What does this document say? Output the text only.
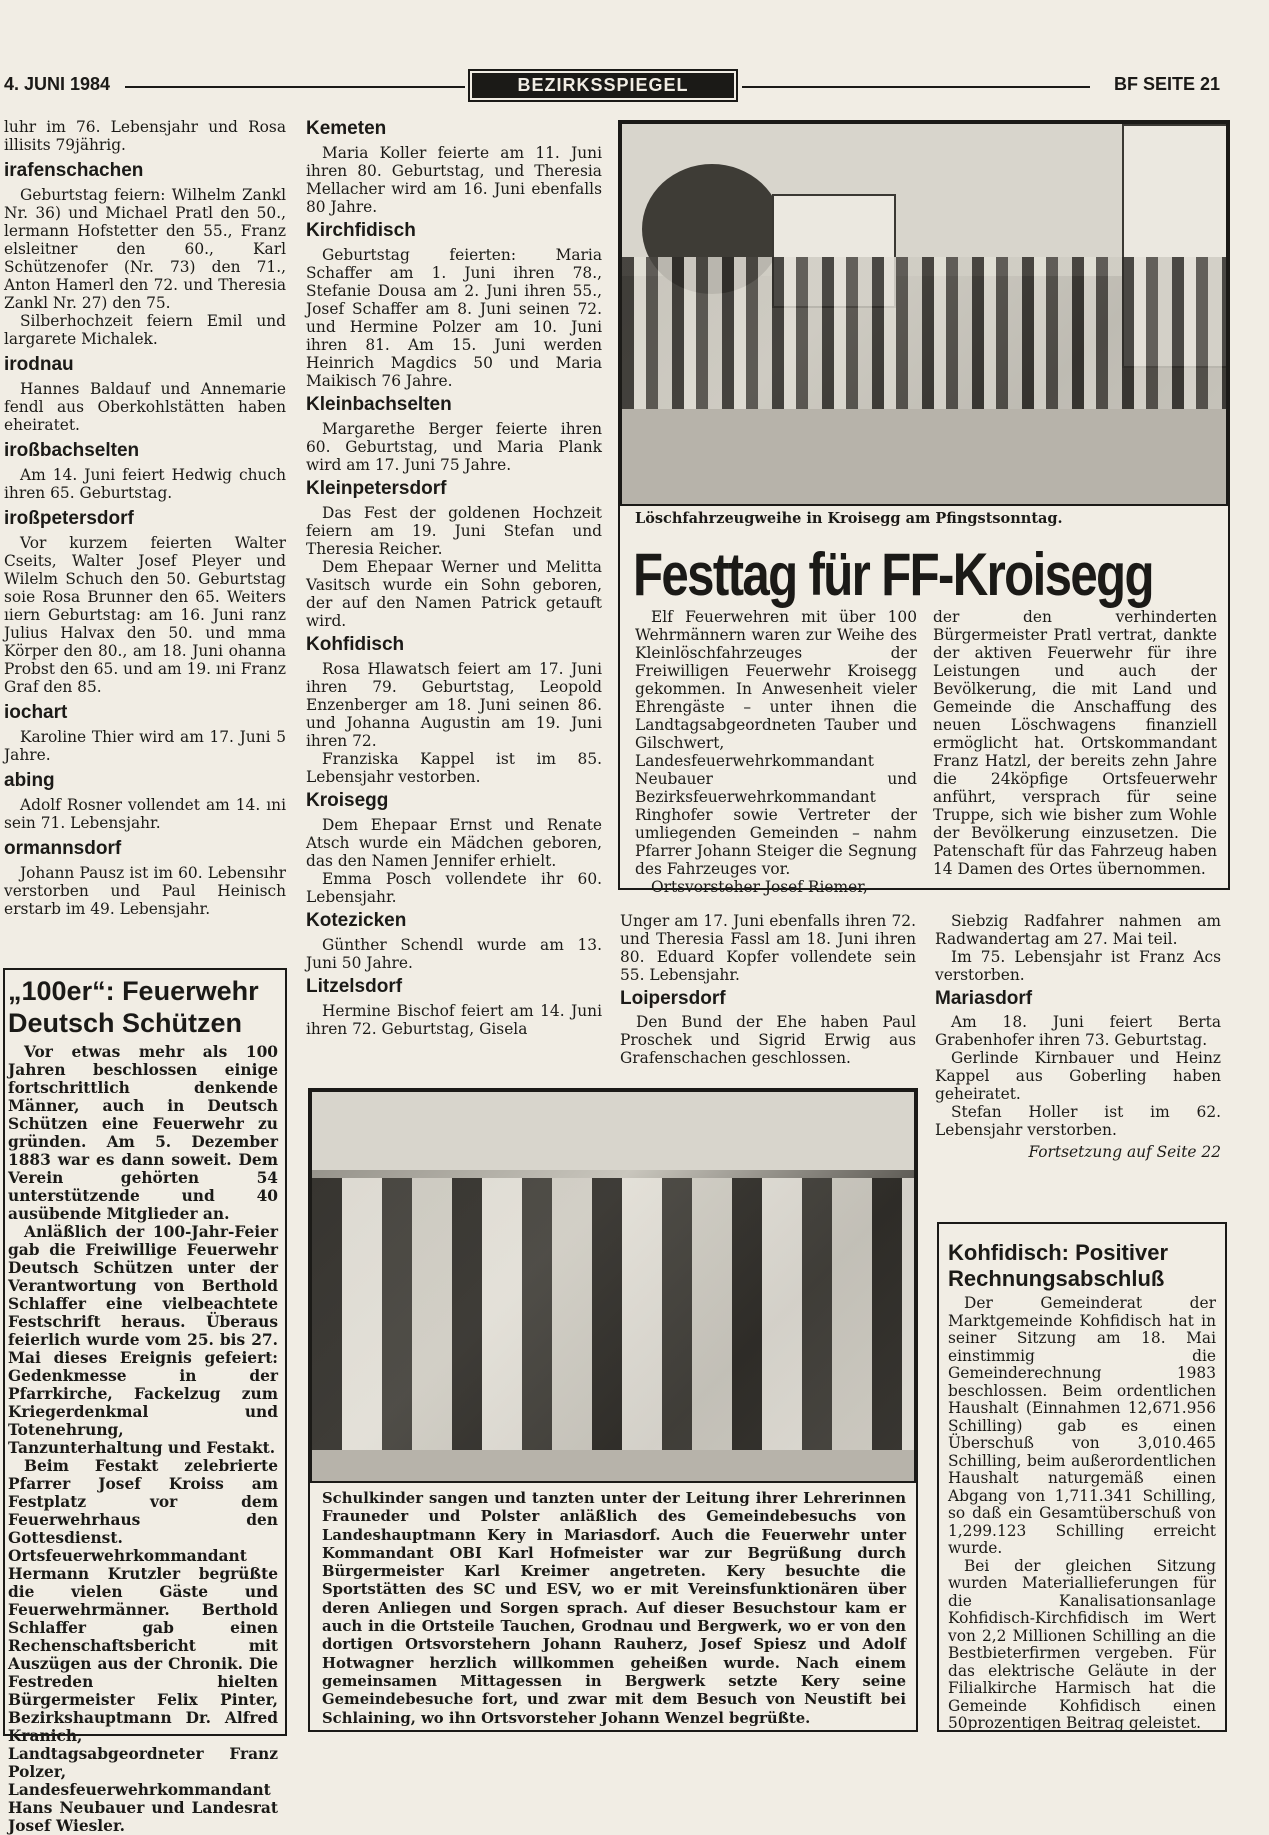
4. JUNI 1984	BEZIRKSSPIEGEL	BF SEITE 21

luhr im 76. Lebensjahr und Rosa illisits 79jährig.

irafenschachen

Geburtstag feiern: Wilhelm Zankl Nr. 36) und Michael Pratl den 50., lermann Hofstetter den 55., Franz elsleitner den 60., Karl Schützenofer (Nr. 73) den 71., Anton Hamerl den 72. und Theresia Zankl Nr. 27) den 75.

Silberhochzeit feiern Emil und largarete Michalek.

irodnau

Hannes Baldauf und Annemarie fendl aus Oberkohlstätten haben eheiratet.

iroßbachselten

Am 14. Juni feiert Hedwig chuch ihren 65. Geburtstag.

iroßpetersdorf

Vor kurzem feierten Walter Cseits, Walter Josef Pleyer und Wilelm Schuch den 50. Geburtstag soie Rosa Brunner den 65. Weiters ıiern Geburtstag: am 16. Juni ranz Julius Halvax den 50. und mma Körper den 80., am 18. Juni ohanna Probst den 65. und am 19. ıni Franz Graf den 85.

iochart

Karoline Thier wird am 17. Juni 5 Jahre.

abing

Adolf Rosner vollendet am 14. ıni sein 71. Lebensjahr.

ormannsdorf

Johann Pausz ist im 60. Lebensıhr verstorben und Paul Heinisch erstarb im 49. Lebensjahr.

Kemeten

Maria Koller feierte am 11. Juni ihren 80. Geburtstag, und Theresia Mellacher wird am 16. Juni ebenfalls 80 Jahre.

Kirchfidisch

Geburtstag feierten: Maria Schaffer am 1. Juni ihren 78., Stefanie Dousa am 2. Juni ihren 55., Josef Schaffer am 8. Juni seinen 72. und Hermine Polzer am 10. Juni ihren 81. Am 15. Juni werden Heinrich Magdics 50 und Maria Maikisch 76 Jahre.

Kleinbachselten

Margarethe Berger feierte ihren 60. Geburtstag, und Maria Plank wird am 17. Juni 75 Jahre.

Kleinpetersdorf

Das Fest der goldenen Hochzeit feiern am 19. Juni Stefan und Theresia Reicher.

Dem Ehepaar Werner und Melitta Vasitsch wurde ein Sohn geboren, der auf den Namen Patrick getauft wird.

Kohfidisch

Rosa Hlawatsch feiert am 17. Juni ihren 79. Geburtstag, Leopold Enzenberger am 18. Juni seinen 86. und Johanna Augustin am 19. Juni ihren 72.

Franziska Kappel ist im 85. Lebensjahr vestorben.

Kroisegg

Dem Ehepaar Ernst und Renate Atsch wurde ein Mädchen geboren, das den Namen Jennifer erhielt.

Emma Posch vollendete ihr 60. Lebensjahr.

Kotezicken

Günther Schendl wurde am 13. Juni 50 Jahre.

Litzelsdorf

Hermine Bischof feiert am 14. Juni ihren 72. Geburtstag, Gisela

Löschfahrzeugweihe in Kroisegg am Pfingstsonntag.
Festtag für FF-Kroisegg

Elf Feuerwehren mit über 100 Wehrmännern waren zur Weihe des Kleinlöschfahrzeuges der Freiwilligen Feuerwehr Kroisegg gekommen. In Anwesenheit vieler Ehrengäste – unter ihnen die Landtagsabgeordneten Tauber und Gilschwert, Landesfeuerwehrkommandant Neubauer und Bezirksfeuerwehrkommandant Ringhofer sowie Vertreter der umliegenden Gemeinden – nahm Pfarrer Johann Steiger die Segnung des Fahrzeuges vor.

Ortsvorsteher Josef Riemer,

der den verhinderten Bürgermeister Pratl vertrat, dankte der aktiven Feuerwehr für ihre Leistungen und auch der Bevölkerung, die mit Land und Gemeinde die Anschaffung des neuen Löschwagens finanziell ermöglicht hat. Ortskommandant Franz Hatzl, der bereits zehn Jahre die 24köpfige Ortsfeuerwehr anführt, versprach für seine Truppe, sich wie bisher zum Wohle der Bevölkerung einzusetzen. Die Patenschaft für das Fahrzeug haben 14 Damen des Ortes übernommen.

Unger am 17. Juni ebenfalls ihren 72. und Theresia Fassl am 18. Juni ihren 80. Eduard Kopfer vollendete sein 55. Lebensjahr.

Loipersdorf

Den Bund der Ehe haben Paul Proschek und Sigrid Erwig aus Grafenschachen geschlossen.

Siebzig Radfahrer nahmen am Radwandertag am 27. Mai teil.

Im 75. Lebensjahr ist Franz Acs verstorben.

Mariasdorf

Am 18. Juni feiert Berta Grabenhofer ihren 73. Geburtstag.

Gerlinde Kirnbauer und Heinz Kappel aus Goberling haben geheiratet.

Stefan Holler ist im 62. Lebensjahr verstorben.

Fortsetzung auf Seite 22

„100er“: Feuerwehr Deutsch Schützen

Vor etwas mehr als 100 Jahren beschlossen einige fortschrittlich denkende Männer, auch in Deutsch Schützen eine Feuerwehr zu gründen. Am 5. Dezember 1883 war es dann soweit. Dem Verein gehörten 54 unterstützende und 40 ausübende Mitglieder an.

Anläßlich der 100-Jahr-Feier gab die Freiwillige Feuerwehr Deutsch Schützen unter der Verantwortung von Berthold Schlaffer eine vielbeachtete Festschrift heraus. Überaus feierlich wurde vom 25. bis 27. Mai dieses Ereignis gefeiert: Gedenkmesse in der Pfarrkirche, Fackelzug zum Kriegerdenkmal und Totenehrung, Tanzunterhaltung und Festakt.

Beim Festakt zelebrierte Pfarrer Josef Kroiss am Festplatz vor dem Feuerwehrhaus den Gottesdienst. Ortsfeuerwehrkommandant Hermann Krutzler begrüßte die vielen Gäste und Feuerwehrmänner. Berthold Schlaffer gab einen Rechenschaftsbericht mit Auszügen aus der Chronik. Die Festreden hielten Bürgermeister Felix Pinter, Bezirkshauptmann Dr. Alfred Kranich, Landtagsabgeordneter Franz Polzer, Landesfeuerwehrkommandant Hans Neubauer und Landesrat Josef Wiesler.

Schulkinder sangen und tanzten unter der Leitung ihrer Lehrerinnen Frauneder und Polster anläßlich des Gemeindebesuchs von Landeshauptmann Kery in Mariasdorf. Auch die Feuerwehr unter Kommandant OBI Karl Hofmeister war zur Begrüßung durch Bürgermeister Karl Kreimer angetreten. Kery besuchte die Sportstätten des SC und ESV, wo er mit Vereinsfunktionären über deren Anliegen und Sorgen sprach. Auf dieser Besuchstour kam er auch in die Ortsteile Tauchen, Grodnau und Bergwerk, wo er von den dortigen Ortsvorstehern Johann Rauherz, Josef Spiesz und Adolf Hotwagner herzlich willkommen geheißen wurde. Nach einem gemeinsamen Mittagessen in Bergwerk setzte Kery seine Gemeindebesuche fort, und zwar mit dem Besuch von Neustift bei Schlaining, wo ihn Ortsvorsteher Johann Wenzel begrüßte.
Kohfidisch: Positiver Rechnungsabschluß

Der Gemeinderat der Marktgemeinde Kohfidisch hat in seiner Sitzung am 18. Mai einstimmig die Gemeinderechnung 1983 beschlossen. Beim ordentlichen Haushalt (Einnahmen 12,671.956 Schilling) gab es einen Überschuß von 3,010.465 Schilling, beim außerordentlichen Haushalt naturgemäß einen Abgang von 1,711.341 Schilling, so daß ein Gesamtüberschuß von 1,299.123 Schilling erreicht wurde.

Bei der gleichen Sitzung wurden Materiallieferungen für die Kanalisationsanlage Kohfidisch-Kirchfidisch im Wert von 2,2 Millionen Schilling an die Bestbieterfirmen vergeben. Für das elektrische Geläute in der Filialkirche Harmisch hat die Gemeinde Kohfidisch einen 50prozentigen Beitrag geleistet.
